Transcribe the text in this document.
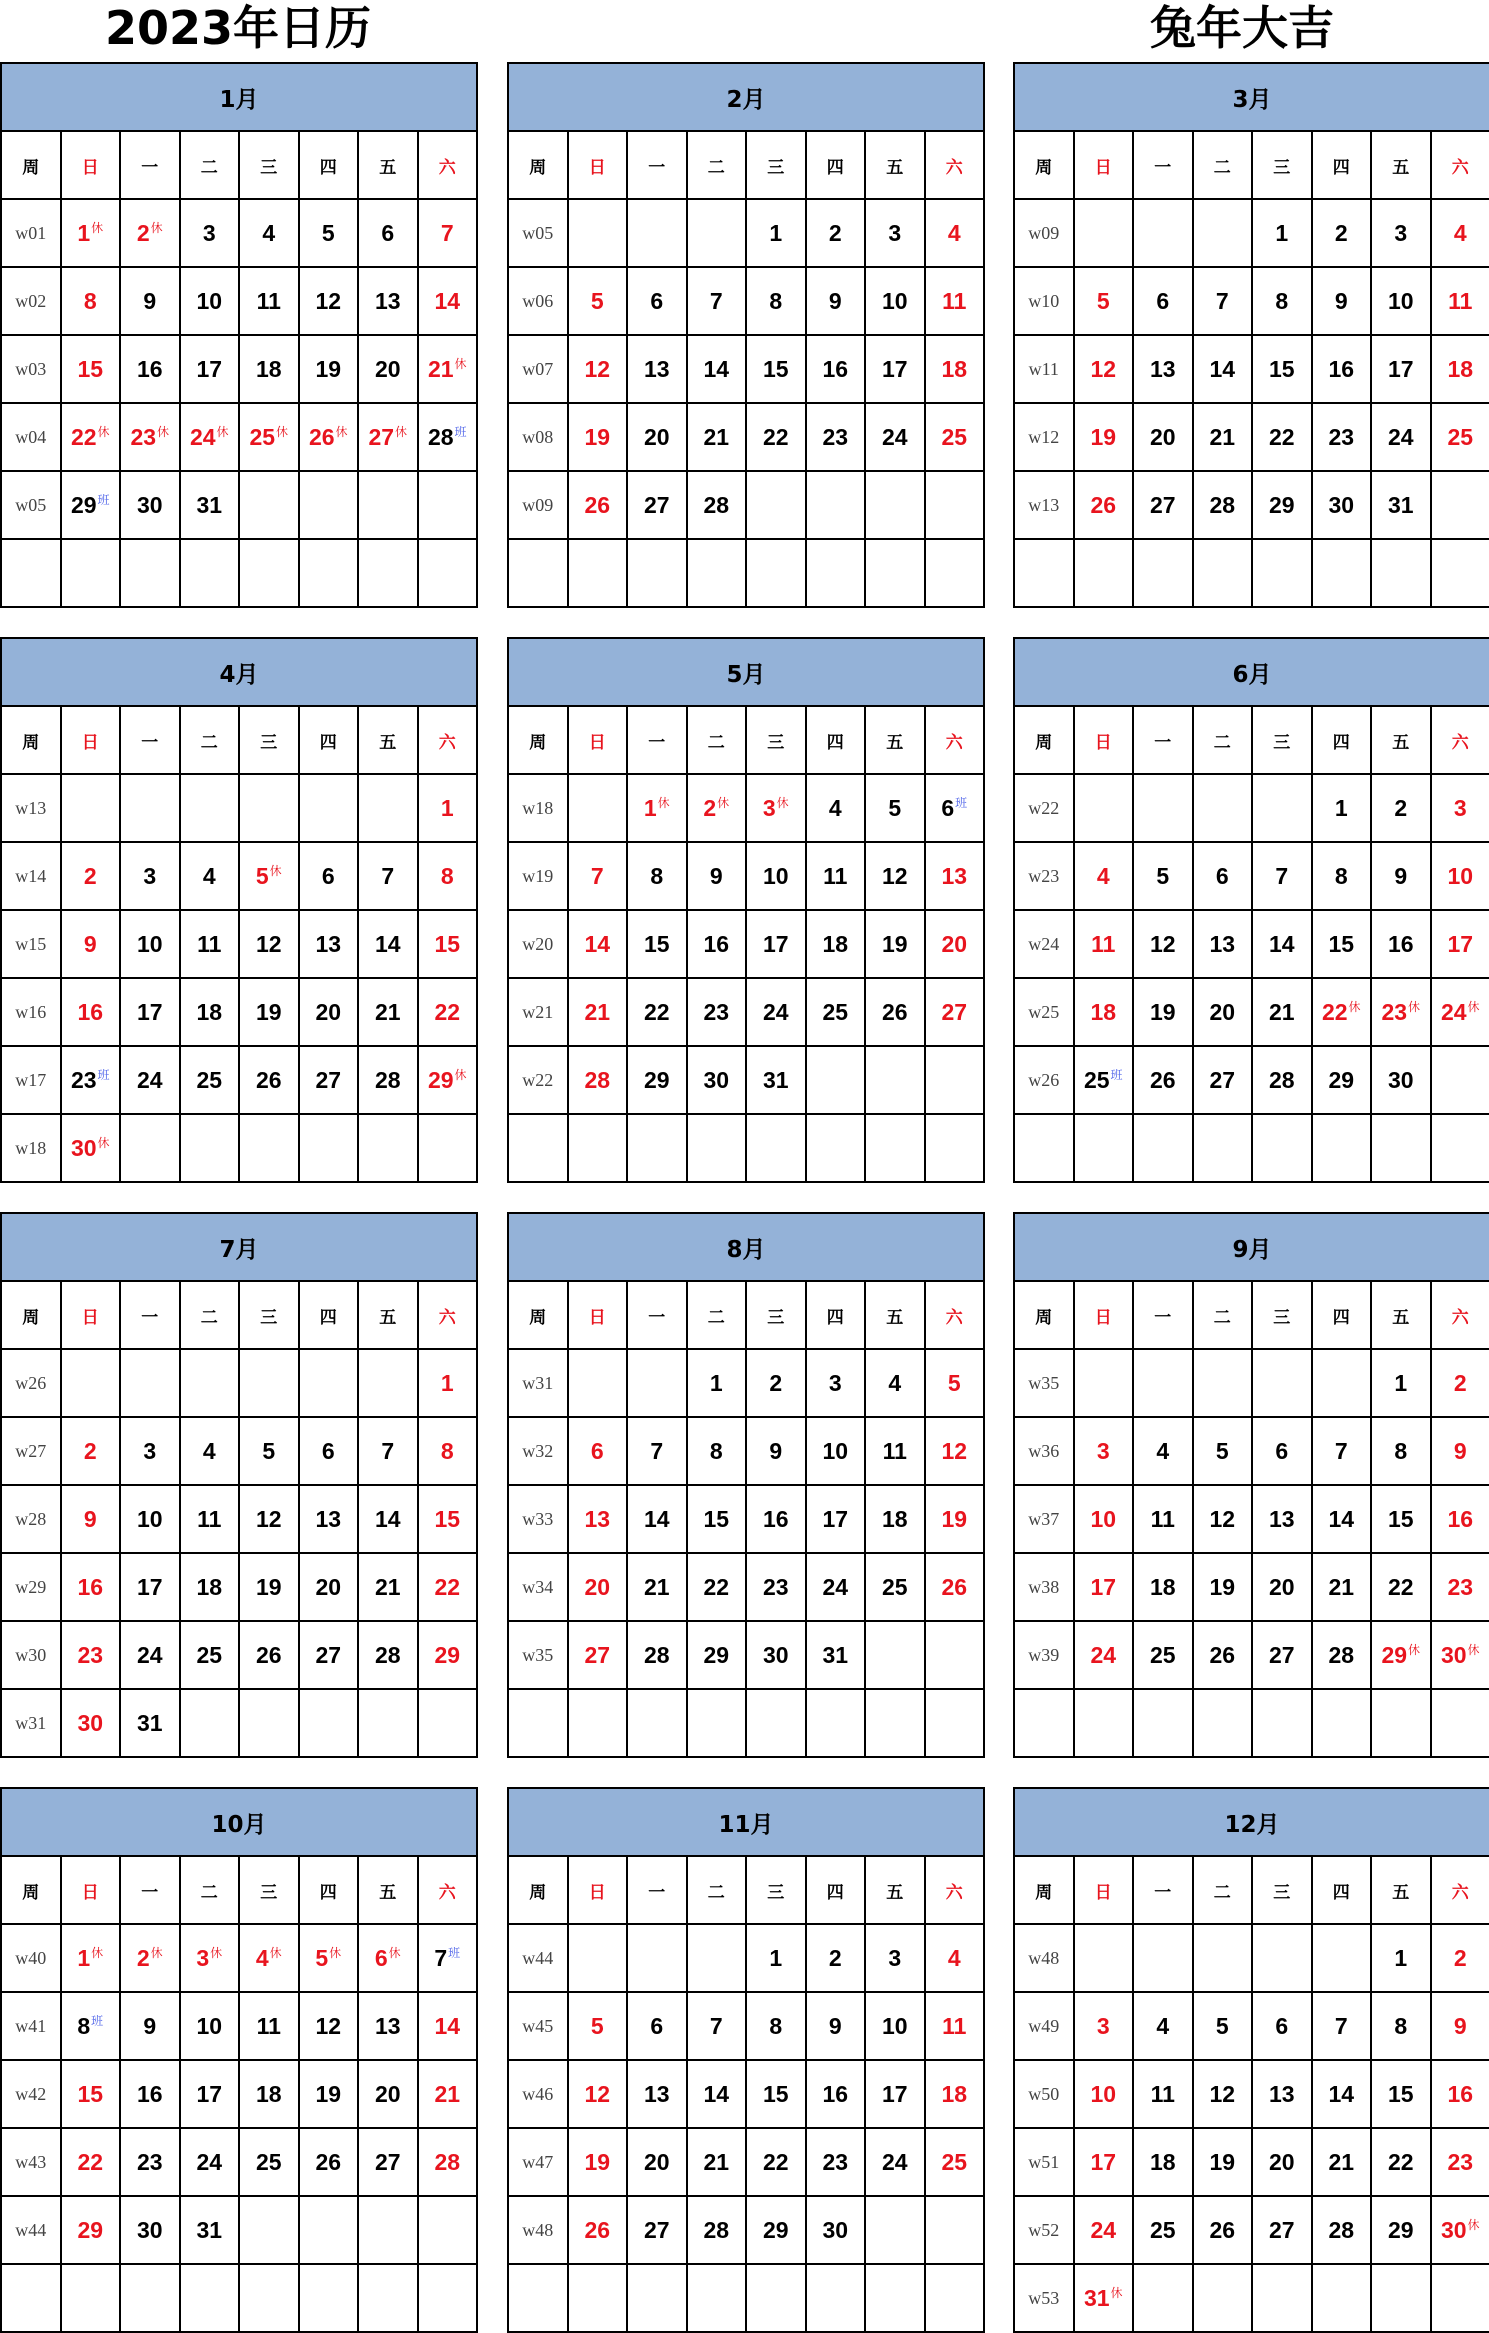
2023年日历	兔年大吉
1月							
周	日	一	二	三	四	五	六
w01	$1^休$	$2^休$	3	4	5	6	7
w02	8	9	10	11	12	13	14
w03	15	16	17	18	19	20	$21^休$
w04	$22^休$	$23^休$	$24^休$	$25^休$	$26^休$	$27^休$	$28^班$
w05	$29^班$	30	31				

2月							
周	日	一	二	三	四	五	六
w05				1	2	3	4
w06	5	6	7	8	9	10	11
w07	12	13	14	15	16	17	18
w08	19	20	21	22	23	24	25
w09	26	27	28				

3月							
周	日	一	二	三	四	五	六
w09				1	2	3	4
w10	5	6	7	8	9	10	11
w11	12	13	14	15	16	17	18
w12	19	20	21	22	23	24	25
w13	26	27	28	29	30	31	

4月							
周	日	一	二	三	四	五	六
w13							1
w14	2	3	4	$5^休$	6	7	8
w15	9	10	11	12	13	14	15
w16	16	17	18	19	20	21	22
w17	$23^班$	24	25	26	27	28	$29^休$
w18	$30^休$						
5月							
周	日	一	二	三	四	五	六
w18		$1^休$	$2^休$	$3^休$	4	5	$6^班$
w19	7	8	9	10	11	12	13
w20	14	15	16	17	18	19	20
w21	21	22	23	24	25	26	27
w22	28	29	30	31			

6月							
周	日	一	二	三	四	五	六
w22					1	2	3
w23	4	5	6	7	8	9	10
w24	11	12	13	14	15	16	17
w25	18	19	20	21	$22^休$	$23^休$	$24^休$
w26	$25^班$	26	27	28	29	30	

7月							
周	日	一	二	三	四	五	六
w26							1
w27	2	3	4	5	6	7	8
w28	9	10	11	12	13	14	15
w29	16	17	18	19	20	21	22
w30	23	24	25	26	27	28	29
w31	30	31					
8月							
周	日	一	二	三	四	五	六
w31			1	2	3	4	5
w32	6	7	8	9	10	11	12
w33	13	14	15	16	17	18	19
w34	20	21	22	23	24	25	26
w35	27	28	29	30	31		

9月							
周	日	一	二	三	四	五	六
w35						1	2
w36	3	4	5	6	7	8	9
w37	10	11	12	13	14	15	16
w38	17	18	19	20	21	22	23
w39	24	25	26	27	28	$29^休$	$30^休$

10月							
周	日	一	二	三	四	五	六
w40	$1^休$	$2^休$	$3^休$	$4^休$	$5^休$	$6^休$	$7^班$
w41	$8^班$	9	10	11	12	13	14
w42	15	16	17	18	19	20	21
w43	22	23	24	25	26	27	28
w44	29	30	31				

11月							
周	日	一	二	三	四	五	六
w44				1	2	3	4
w45	5	6	7	8	9	10	11
w46	12	13	14	15	16	17	18
w47	19	20	21	22	23	24	25
w48	26	27	28	29	30		

12月							
周	日	一	二	三	四	五	六
w48						1	2
w49	3	4	5	6	7	8	9
w50	10	11	12	13	14	15	16
w51	17	18	19	20	21	22	23
w52	24	25	26	27	28	29	$30^休$
w53	$31^休$						
